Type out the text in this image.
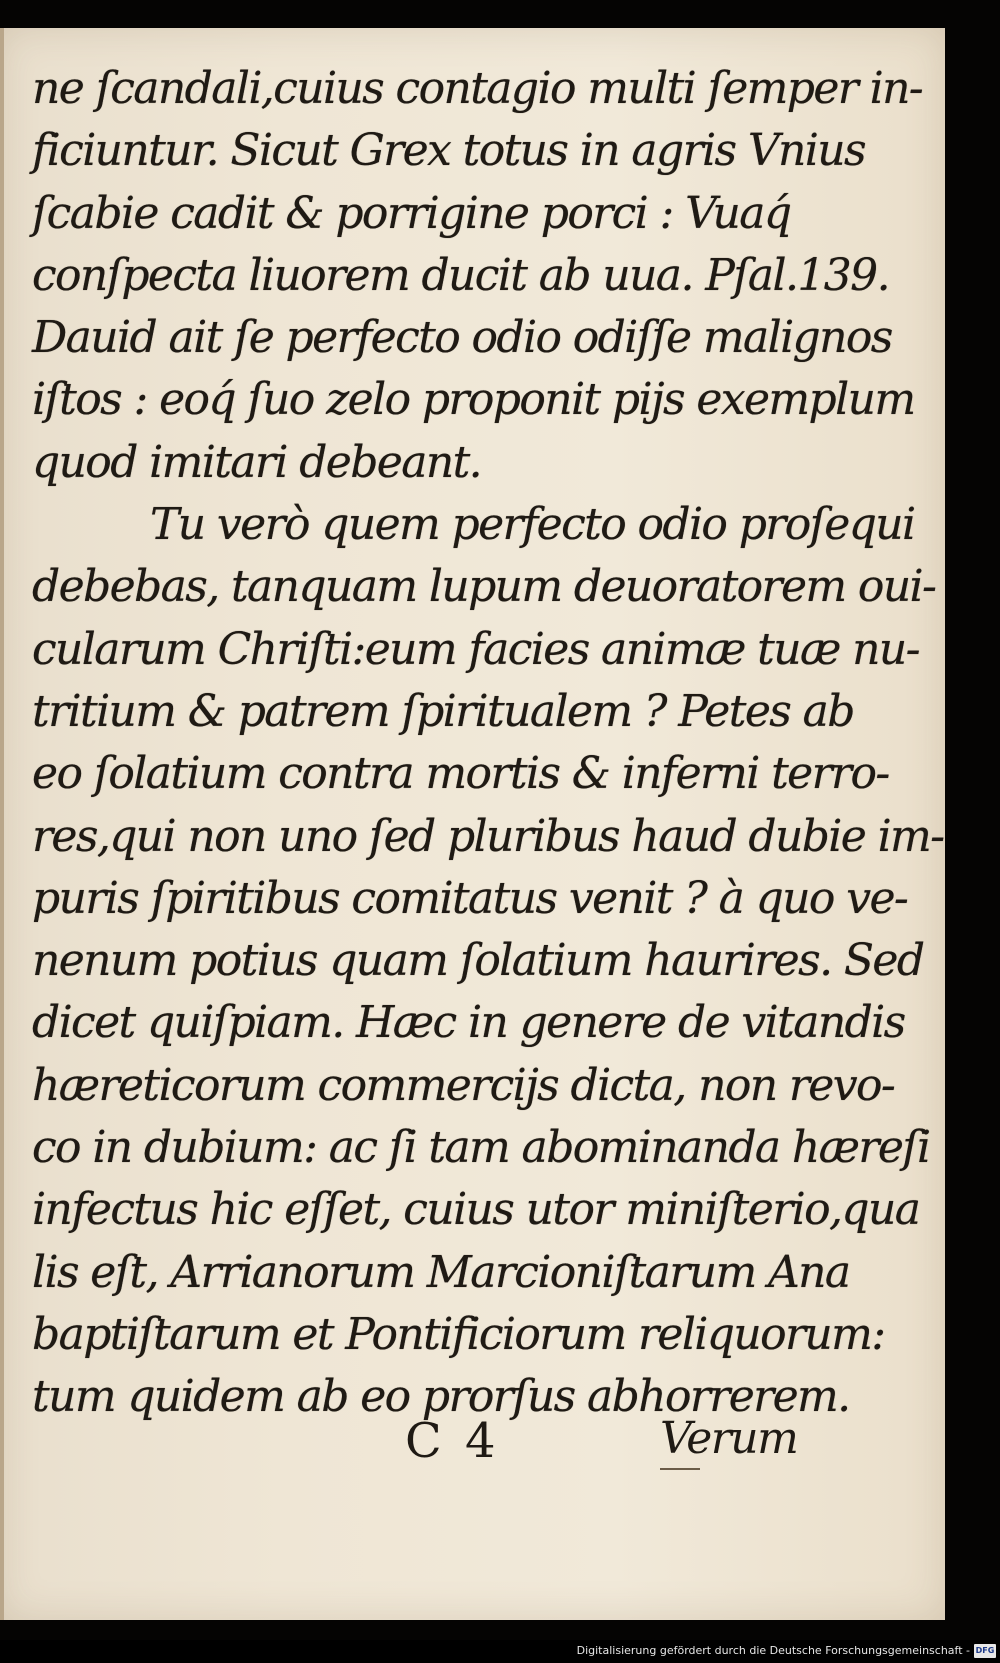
ne ſcandali,cuius contagio multi ſemper in-
ficiuntur. Sicut Grex totus in agris Vnius
ſcabie cadit & porrigine porci : Vuaq́
conſpecta liuorem ducit ab uua. Pſal.139.
Dauid ait ſe perfecto odio odiſſe malignos
iſtos : eoq́ ſuo zelo proponit pijs exemplum
quod imitari debeant.
Tu verò quem perfecto odio proſequi
debebas, tanquam lupum deuoratorem oui-
cularum Chriſti:eum facies animæ tuæ nu-
tritium & patrem ſpiritualem ? Petes ab
eo ſolatium contra mortis & inferni terro-
res,qui non uno ſed pluribus haud dubie im-
puris ſpiritibus comitatus venit ? à quo ve-
nenum potius quam ſolatium haurires. Sed
dicet quiſpiam. Hæc in genere de vitandis
hæreticorum commercijs dicta, non revo-
co in dubium: ac ſi tam abominanda hæreſi
infectus hic eſſet, cuius utor miniſterio,qua
lis eſt, Arrianorum Marcioniſtarum Ana
baptiſtarum et Pontificiorum reliquorum:
tum quidem ab eo prorſus abhorrerem.
C 4	Verum
Digitalisierung gefördert durch die Deutsche Forschungsgemeinschaft - DFG
